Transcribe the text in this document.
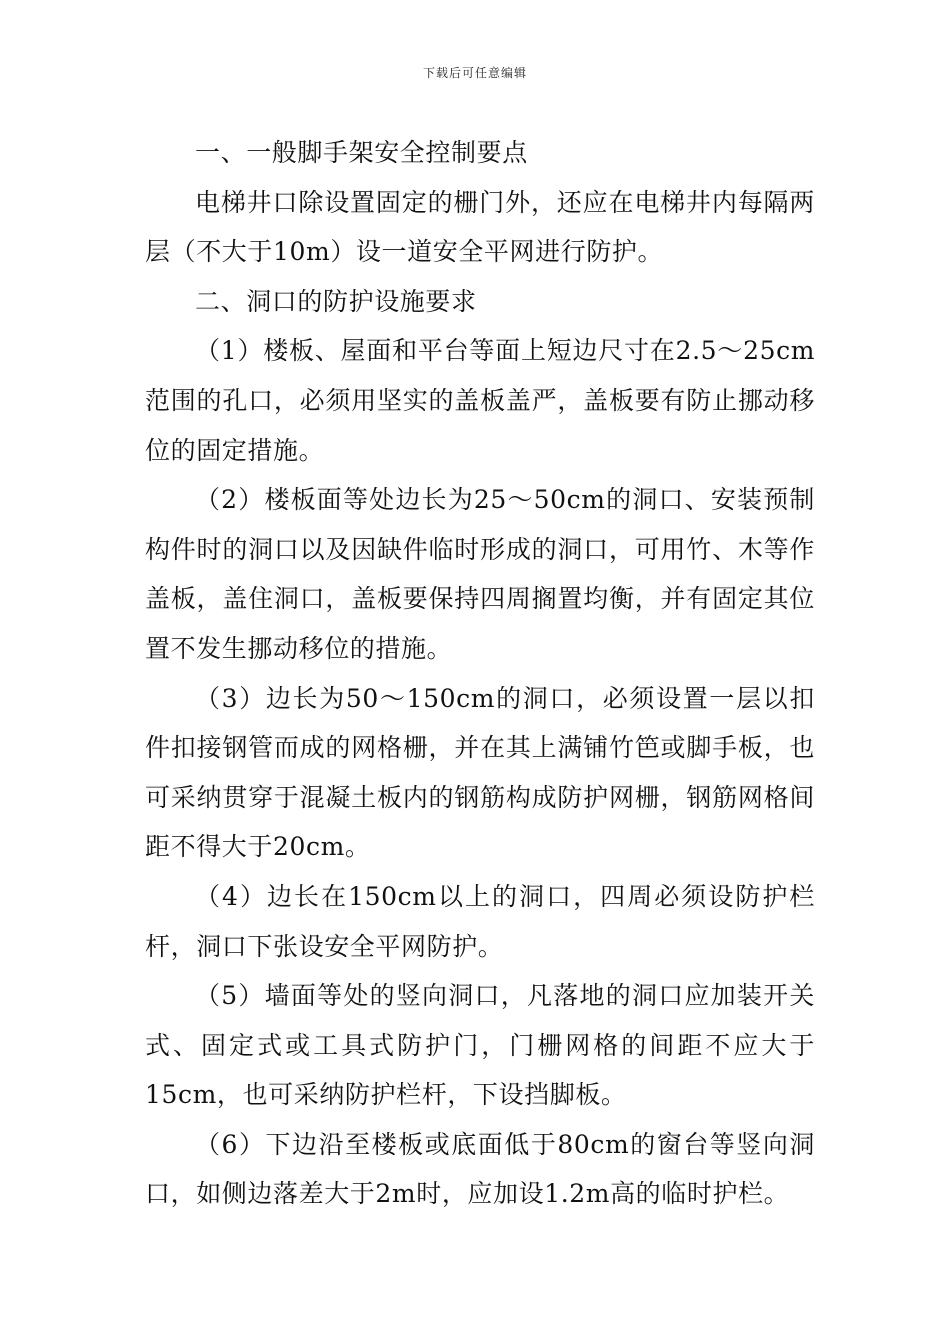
下载后可任意编辑

一、一般脚手架安全控制要点

电梯井口除设置固定的栅门外，还应在电梯井内每隔两层（不大于10m）设一道安全平网进行防护。

二、洞口的防护设施要求

（1）楼板、屋面和平台等面上短边尺寸在2.5～25cm范围的孔口，必须用坚实的盖板盖严，盖板要有防止挪动移位的固定措施。

（2）楼板面等处边长为25～50cm的洞口、安装预制构件时的洞口以及因缺件临时形成的洞口，可用竹、木等作盖板，盖住洞口，盖板要保持四周搁置均衡，并有固定其位置不发生挪动移位的措施。

（3）边长为50～150cm的洞口，必须设置一层以扣件扣接钢管而成的网格栅，并在其上满铺竹笆或脚手板，也可采纳贯穿于混凝土板内的钢筋构成防护网栅，钢筋网格间距不得大于20cm。

（4）边长在150cm以上的洞口，四周必须设防护栏杆，洞口下张设安全平网防护。

（5）墙面等处的竖向洞口，凡落地的洞口应加装开关式、固定式或工具式防护门，门栅网格的间距不应大于15cm，也可采纳防护栏杆，下设挡脚板。

（6）下边沿至楼板或底面低于80cm的窗台等竖向洞口，如侧边落差大于2m时，应加设1.2m高的临时护栏。
